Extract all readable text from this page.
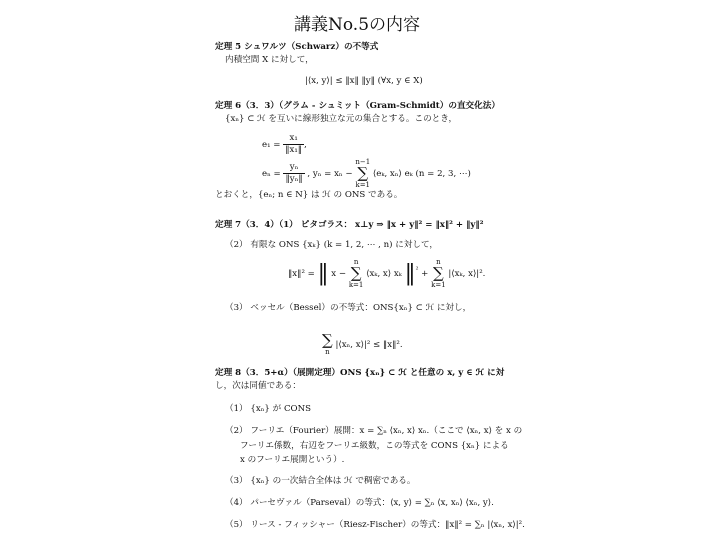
講義No.5の内容
定理 5 シュワルツ（Schwarz）の不等式
内積空間 X に対して，
|⟨x, y⟩| ≤ ‖x‖ ‖y‖ (∀x, y ∈ X)
定理 6（3．3）（グラム - シュミット（Gram-Schmidt）の直交化法）
{xₙ} ⊂ ℋ を互いに線形独立な元の集合とする。このとき，
$e_1 = \frac{\text{x₁}}{\text{‖x₁‖}}$ ,
$e_n = \frac{\text{yₙ}}{\text{‖yₙ‖}}$ , yₙ = xₙ − n−1
∑
k=1 ⟨eₖ, xₙ⟩ eₖ (n = 2, 3, ⋯)
とおくと，{eₙ; n ∈ N} は ℋ の ONS である。
定理 7（3．4）（1） ピタゴラス： x⊥y ⇒ ‖x + y‖² = ‖x‖² + ‖y‖²
（2） 有限な ONS {xₖ} (k = 1, 2, ⋯ , n) に対して，
‖x‖² = ‖ x − n
∑
k=1 ⟨xₖ, x⟩ xₖ ‖$^{^2}$ + n
∑
k=1 |⟨xₖ, x⟩|².
（3） ベッセル（Bessel）の不等式：ONS{xₙ} ⊂ ℋ に対し，
∑
n |⟨xₙ, x⟩|² ≤ ‖x‖².
定理 8（3．5+α）（展開定理）ONS {xₙ} ⊂ ℋ と任意の x, y ∈ ℋ に対
し，次は同値である：
（1） {xₙ} が CONS
（2） フーリエ（Fourier）展開：x = ∑ₙ ⟨xₙ, x⟩ xₙ.（ここで ⟨xₙ, x⟩ を x の
フーリエ係数，右辺をフーリエ級数，この等式を CONS {xₙ} による
x のフーリエ展開という）.
（3） {xₙ} の一次結合全体は ℋ で稠密である。
（4） パーセヴァル（Parseval）の等式：⟨x, y⟩ = ∑ₙ ⟨x, xₙ⟩ ⟨xₙ, y⟩.
（5） リース - フィッシャー（Riesz-Fischer）の等式：‖x‖² = ∑ₙ |⟨xₙ, x⟩|².
